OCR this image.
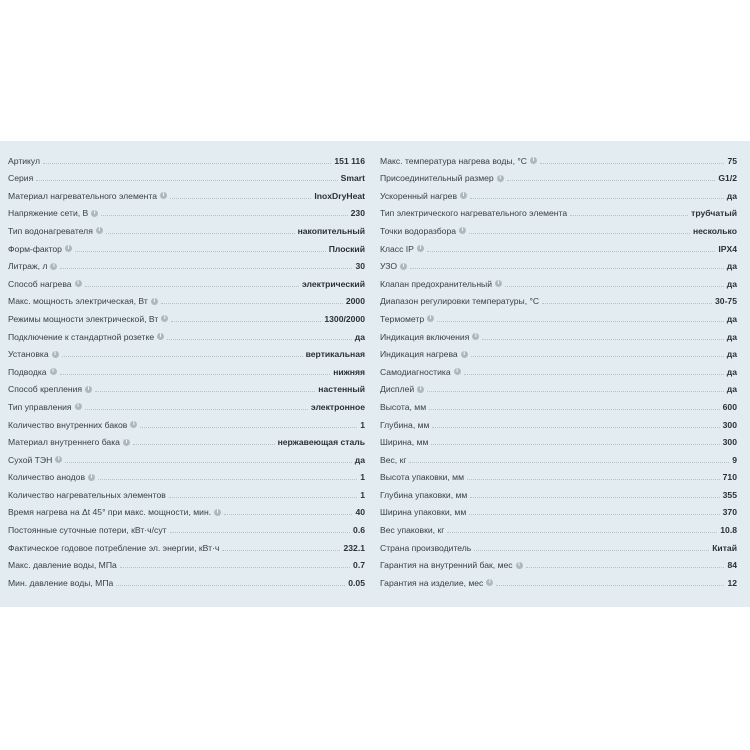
Артикул	151 116
Серия	Smart
Материал нагревательного элемента i	InoxDryHeat
Напряжение сети, В i	230
Тип водонагревателя i	накопительный
Форм-фактор i	Плоский
Литраж, л i	30
Способ нагрева i	электрический
Макс. мощность электрическая, Вт i	2000
Режимы мощности электрической, Вт i	1300/2000
Подключение к стандартной розетке i	да
Установка i	вертикальная
Подводка i	нижняя
Способ крепления i	настенный
Тип управления i	электронное
Количество внутренних баков i	1
Материал внутреннего бака i	нержавеющая сталь
Сухой ТЭН i	да
Количество анодов i	1
Количество нагревательных элементов	1
Время нагрева на Δt 45° при макс. мощности, мин. i	40
Постоянные суточные потери, кВт·ч/сут	0.6
Фактическое годовое потребление эл. энергии, кВт·ч	232.1
Макс. давление воды, МПа	0.7
Мин. давление воды, МПа	0.05
Макс. температура нагрева воды, °С i	75
Присоединительный размер i	G1/2
Ускоренный нагрев i	да
Тип электрического нагревательного элемента	трубчатый
Точки водоразбора i	несколько
Класс IP i	IPX4
УЗО i	да
Клапан предохранительный i	да
Диапазон регулировки температуры, °С	30-75
Термометр i	да
Индикация включения i	да
Индикация нагрева i	да
Самодиагностика i	да
Дисплей i	да
Высота, мм	600
Глубина, мм	300
Ширина, мм	300
Вес, кг	9
Высота упаковки, мм	710
Глубина упаковки, мм	355
Ширина упаковки, мм	370
Вес упаковки, кг	10.8
Страна производитель	Китай
Гарантия на внутренний бак, мес i	84
Гарантия на изделие, мес i	12
